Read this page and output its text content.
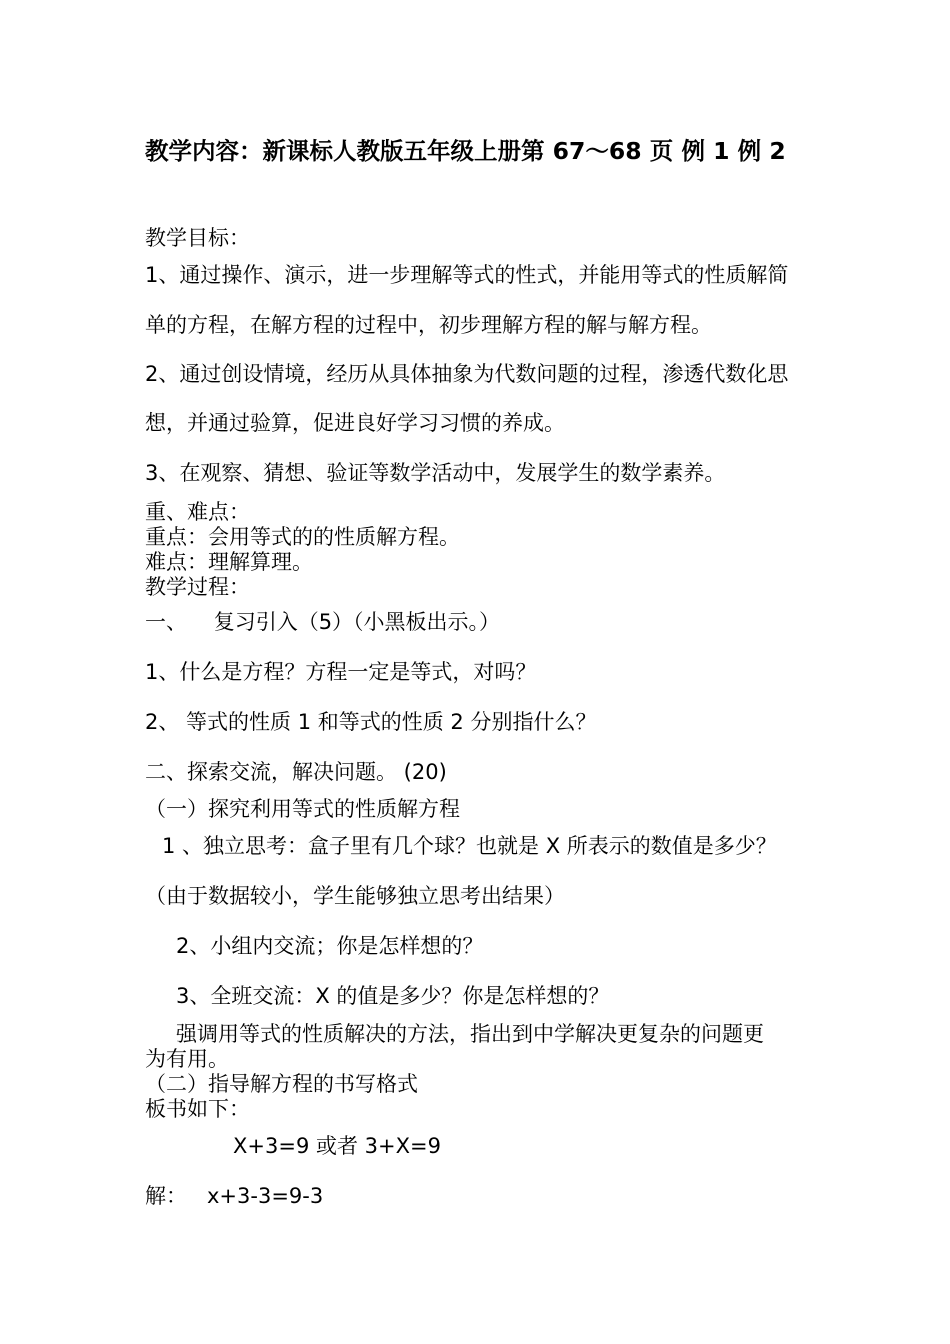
教学内容：新课标人教版五年级上册第 67～68 页 例 1 例 2
教学目标：
1、通过操作、演示，进一步理解等式的性式，并能用等式的性质解简
单的方程，在解方程的过程中，初步理解方程的解与解方程。
2、通过创设情境，经历从具体抽象为代数问题的过程，渗透代数化思
想，并通过验算，促进良好学习习惯的养成。
3、在观察、猜想、验证等数学活动中，发展学生的数学素养。
重、难点：
重点：会用等式的的性质解方程。
难点：理解算理。
教学过程：
一、    复习引入（5）（小黑板出示。）
1、什么是方程？方程一定是等式，对吗？
2、 等式的性质 1 和等式的性质 2 分别指什么？
二、探索交流，解决问题。 (20)
（一）探究利用等式的性质解方程
1 、独立思考：盒子里有几个球？也就是 X 所表示的数值是多少？
（由于数据较小，学生能够独立思考出结果）
2、小组内交流；你是怎样想的？
3、全班交流：X 的值是多少？你是怎样想的？
强调用等式的性质解决的方法，指出到中学解决更复杂的问题更
为有用。
（二）指导解方程的书写格式
板书如下：
X+3=9 或者 3+X=9
解： x+3-3=9-3
